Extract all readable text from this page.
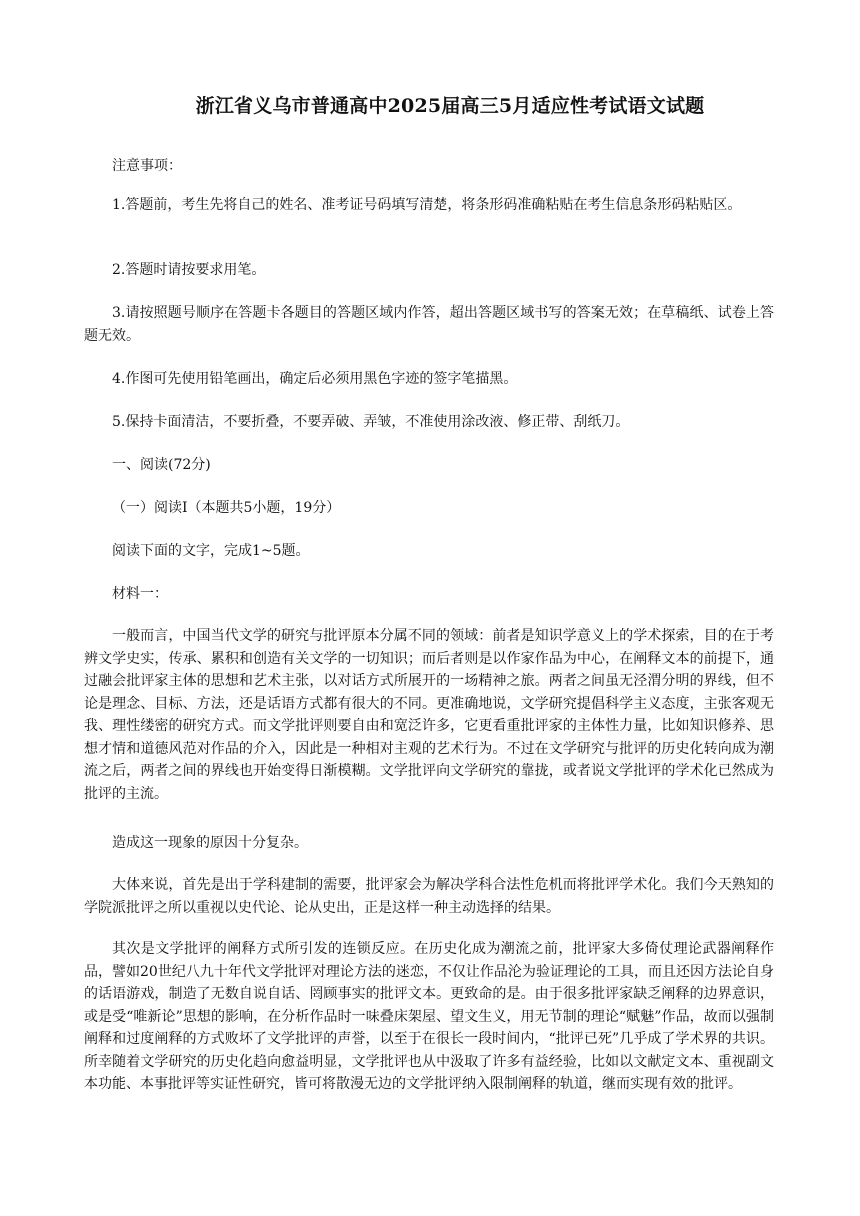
浙江省义乌市普通高中2025届高三5月适应性考试语文试题

注意事项：

1.答题前，考生先将自己的姓名、准考证号码填写清楚，将条形码准确粘贴在考生信息条形码粘贴区。

2.答题时请按要求用笔。

3.请按照题号顺序在答题卡各题目的答题区域内作答，超出答题区域书写的答案无效；在草稿纸、试卷上答题无效。

4.作图可先使用铅笔画出，确定后必须用黑色字迹的签字笔描黑。

5.保持卡面清洁，不要折叠，不要弄破、弄皱，不准使用涂改液、修正带、刮纸刀。

一、阅读(72分)

（一）阅读Ⅰ（本题共5小题，19分）

阅读下面的文字，完成1~5题。

材料一：

一般而言，中国当代文学的研究与批评原本分属不同的领域：前者是知识学意义上的学术探索，目的在于考辨文学史实，传承、累积和创造有关文学的一切知识；而后者则是以作家作品为中心，在阐释文本的前提下，通过融会批评家主体的思想和艺术主张，以对话方式所展开的一场精神之旅。两者之间虽无泾渭分明的界线，但不论是理念、目标、方法，还是话语方式都有很大的不同。更准确地说，文学研究提倡科学主义态度，主张客观无我、理性缕密的研究方式。而文学批评则要自由和宽泛许多，它更看重批评家的主体性力量，比如知识修养、思想才情和道德风范对作品的介入，因此是一种相对主观的艺术行为。不过在文学研究与批评的历史化转向成为潮流之后，两者之间的界线也开始变得日渐模糊。文学批评向文学研究的靠拢，或者说文学批评的学术化已然成为批评的主流。

造成这一现象的原因十分复杂。

大体来说，首先是出于学科建制的需要，批评家会为解决学科合法性危机而将批评学术化。我们今天熟知的学院派批评之所以重视以史代论、论从史出，正是这样一种主动选择的结果。

其次是文学批评的阐释方式所引发的连锁反应。在历史化成为潮流之前，批评家大多倚仗理论武器阐释作品，譬如20世纪八九十年代文学批评对理论方法的迷恋，不仅让作品沦为验证理论的工具，而且还因方法论自身的话语游戏，制造了无数自说自话、罔顾事实的批评文本。更致命的是。由于很多批评家缺乏阐释的边界意识，或是受“唯新论”思想的影响，在分析作品时一味叠床架屋、望文生义，用无节制的理论“赋魅”作品，故而以强制阐释和过度阐释的方式败坏了文学批评的声誉，以至于在很长一段时间内，“批评已死”几乎成了学术界的共识。所幸随着文学研究的历史化趋向愈益明显，文学批评也从中汲取了许多有益经验，比如以文献定文本、重视副文本功能、本事批评等实证性研究，皆可将散漫无边的文学批评纳入限制阐释的轨道，继而实现有效的批评。
